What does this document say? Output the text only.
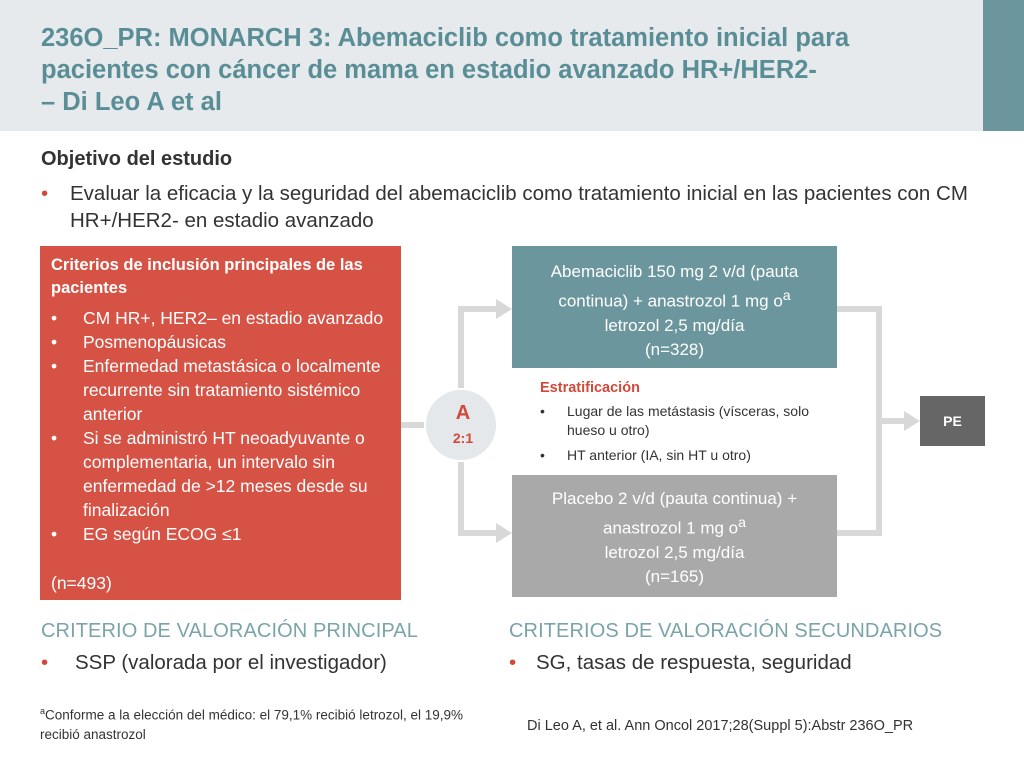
236O_PR: MONARCH 3: Abemaciclib como tratamiento inicial para
pacientes con cáncer de mama en estadio avanzado HR+/HER2-
– Di Leo A et al
Objetivo del estudio
• Evaluar la eficacia y la seguridad del abemaciclib como tratamiento inicial en las pacientes con CM HR+/HER2- en estadio avanzado
Criterios de inclusión principales de las pacientes
• CM HR+, HER2– en estadio avanzado
• Posmenopáusicas
• Enfermedad metastásica o localmente recurrente sin tratamiento sistémico anterior
• Si se administró HT neoadyuvante o complementaria, un intervalo sin enfermedad de >12 meses desde su finalización
• EG según ECOG ≤1
(n=493)
A
2:1
Abemaciclib 150 mg 2 v/d (pauta
continua) + anastrozol 1 mg $o^a$
letrozol 2,5 mg/día
(n=328)
Estratificación
• Lugar de las metástasis (vísceras, solo hueso u otro)
• HT anterior (IA, sin HT u otro)
Placebo 2 v/d (pauta continua) +
anastrozol 1 mg $o^a$
letrozol 2,5 mg/día
(n=165)
PE
CRITERIO DE VALORACIÓN PRINCIPAL
• SSP (valorada por el investigador)
CRITERIOS DE VALORACIÓN SECUNDARIOS
• SG, tasas de respuesta, seguridad
$^a$Conforme a la elección del médico: el 79,1% recibió letrozol, el 19,9% recibió anastrozol	Di Leo A, et al. Ann Oncol 2017;28(Suppl 5):Abstr 236O_PR
